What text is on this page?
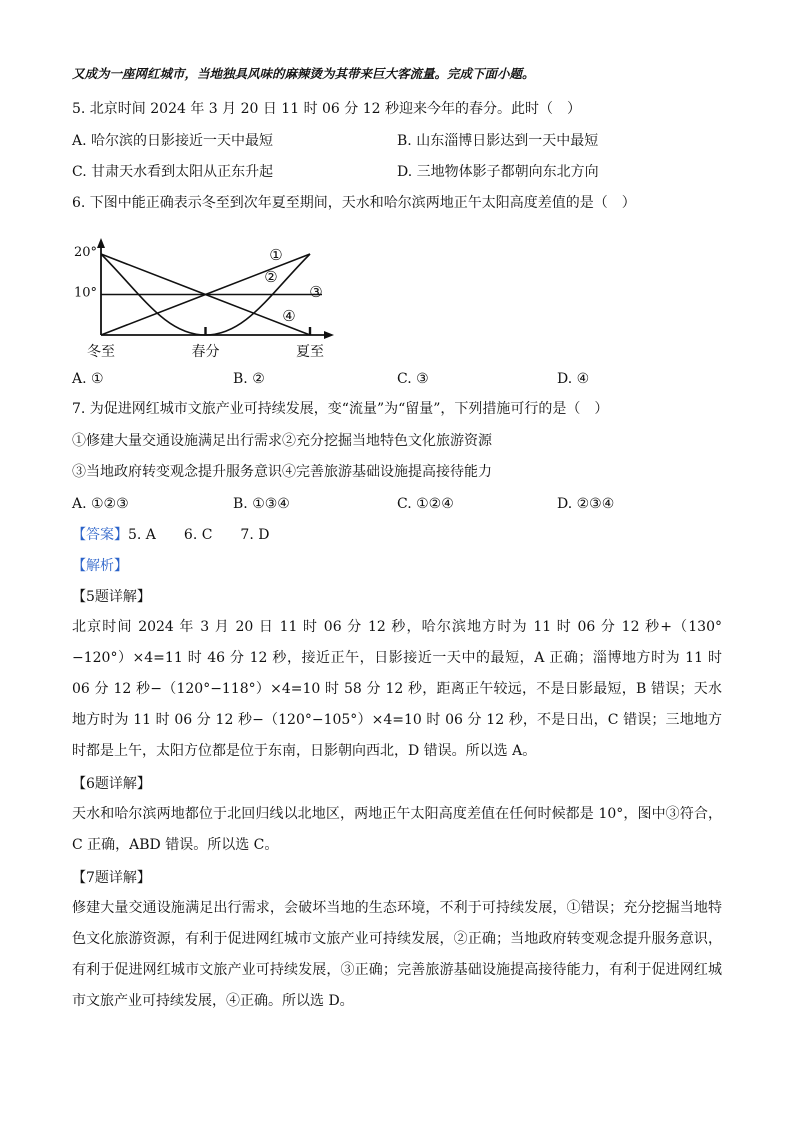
又成为一座网红城市，当地独具风味的麻辣烫为其带来巨大客流量。完成下面小题。
5. 北京时间 2024 年 3 月 20 日 11 时 06 分 12 秒迎来今年的春分。此时（　）
A. 哈尔滨的日影接近一天中最短	B. 山东淄博日影达到一天中最短
C. 甘肃天水看到太阳从正东升起	D. 三地物体影子都朝向东北方向
6. 下图中能正确表示冬至到次年夏至期间，天水和哈尔滨两地正午太阳高度差值的是（　）
冬至	春分	夏至
20°
10°
①
②
③
④
A. ①	B. ②	C. ③	D. ④
7. 为促进网红城市文旅产业可持续发展，变“流量”为“留量”，下列措施可行的是（　）
①修建大量交通设施满足出行需求②充分挖掘当地特色文化旅游资源
③当地政府转变观念提升服务意识④完善旅游基础设施提高接待能力
A. ①②③	B. ①③④	C. ①②④	D. ②③④
【答案】5. A　　6. C　　7. D
【解析】
【5题详解】
北京时间 2024 年 3 月 20 日 11 时 06 分 12 秒，哈尔滨地方时为 11 时 06 分 12 秒+（130°−120°）×4=11 时 46 分 12 秒，接近正午，日影接近一天中的最短，A 正确；淄博地方时为 11 时 06 分 12 秒−（120°−118°）×4=10 时 58 分 12 秒，距离正午较远，不是日影最短，B 错误；天水地方时为 11 时 06 分 12 秒−（120°−105°）×4=10 时 06 分 12 秒，不是日出，C 错误；三地地方时都是上午，太阳方位都是位于东南，日影朝向西北，D 错误。所以选 A。
【6题详解】
天水和哈尔滨两地都位于北回归线以北地区，两地正午太阳高度差值在任何时候都是 10°，图中③符合，C 正确，ABD 错误。所以选 C。
【7题详解】
修建大量交通设施满足出行需求，会破坏当地的生态环境，不利于可持续发展，①错误；充分挖掘当地特色文化旅游资源，有利于促进网红城市文旅产业可持续发展，②正确；当地政府转变观念提升服务意识，有利于促进网红城市文旅产业可持续发展，③正确；完善旅游基础设施提高接待能力，有利于促进网红城市文旅产业可持续发展，④正确。所以选 D。
